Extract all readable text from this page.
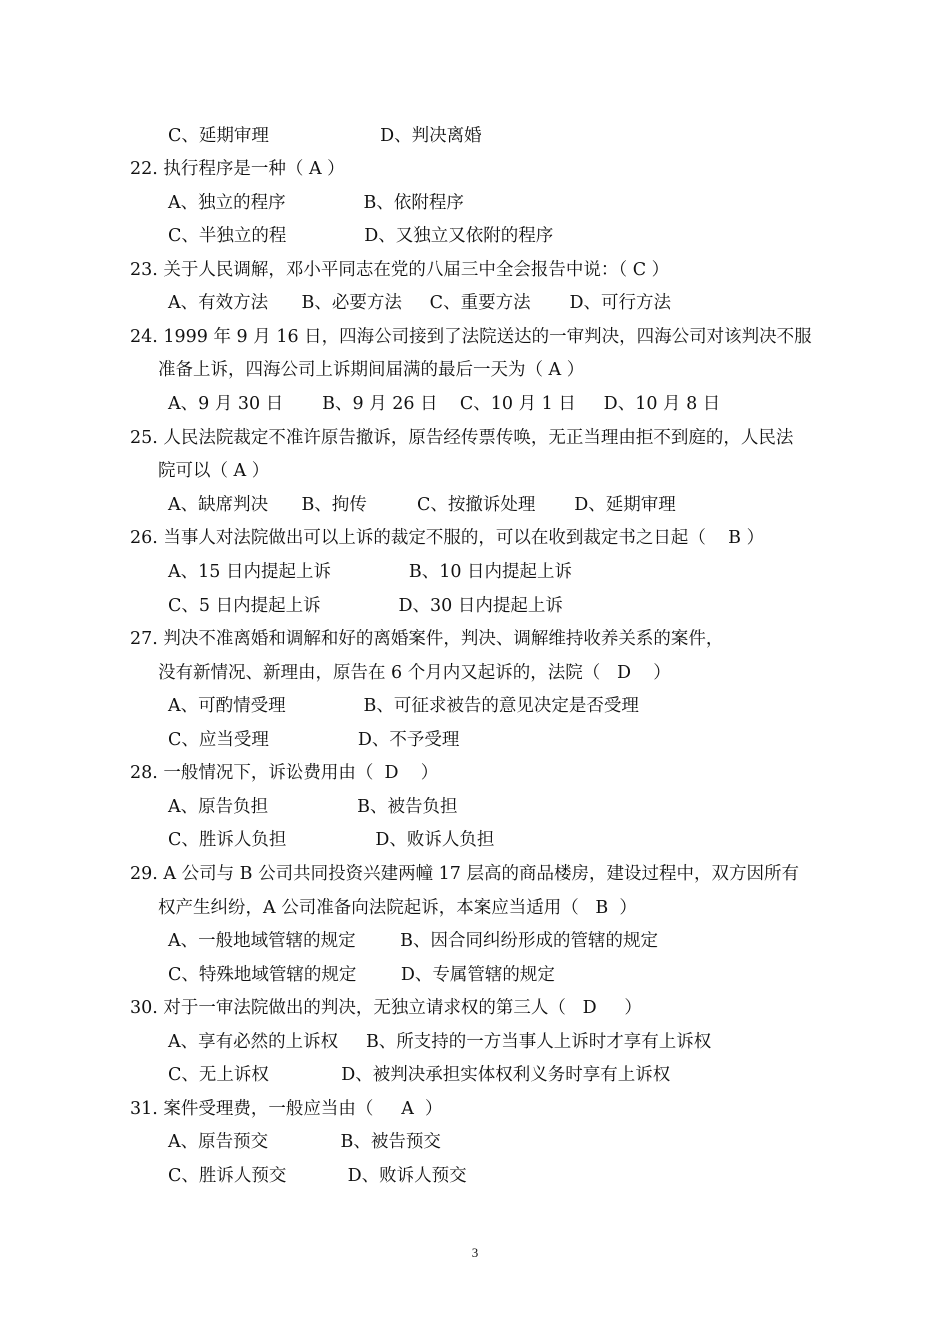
C、延期审理                    D、判决离婚
22. 执行程序是一种（ A ）
A、独立的程序              B、依附程序
C、半独立的程              D、又独立又依附的程序
23. 关于人民调解，邓小平同志在党的八届三中全会报告中说：（ C ）
A、有效方法      B、必要方法     C、重要方法       D、可行方法
24. 1999 年 9 月 16 日，四海公司接到了法院送达的一审判决，四海公司对该判决不服
准备上诉，四海公司上诉期间届满的最后一天为（ A ）
A、9 月 30 日       B、9 月 26 日    C、10 月 1 日     D、10 月 8 日
25. 人民法院裁定不准许原告撤诉，原告经传票传唤，无正当理由拒不到庭的，人民法
院可以（ A ）
A、缺席判决      B、拘传         C、按撤诉处理       D、延期审理
26. 当事人对法院做出可以上诉的裁定不服的，可以在收到裁定书之日起（    B ）
A、15 日内提起上诉              B、10 日内提起上诉
C、5 日内提起上诉              D、30 日内提起上诉
27. 判决不准离婚和调解和好的离婚案件，判决、调解维持收养关系的案件，
没有新情况、新理由，原告在 6 个月内又起诉的，法院（   D    ）
A、可酌情受理              B、可征求被告的意见决定是否受理
C、应当受理                D、不予受理
28. 一般情况下，诉讼费用由（  D    ）
A、原告负担                B、被告负担
C、胜诉人负担                D、败诉人负担
29. A 公司与 B 公司共同投资兴建两幢 17 层高的商品楼房，建设过程中，双方因所有
权产生纠纷，A 公司准备向法院起诉，本案应当适用（   B  ）
A、一般地域管辖的规定        B、因合同纠纷形成的管辖的规定
C、特殊地域管辖的规定        D、专属管辖的规定
30. 对于一审法院做出的判决，无独立请求权的第三人（   D     ）
A、享有必然的上诉权     B、所支持的一方当事人上诉时才享有上诉权
C、无上诉权             D、被判决承担实体权利义务时享有上诉权
31. 案件受理费，一般应当由（     A  ）
A、原告预交             B、被告预交
C、胜诉人预交           D、败诉人预交
3
